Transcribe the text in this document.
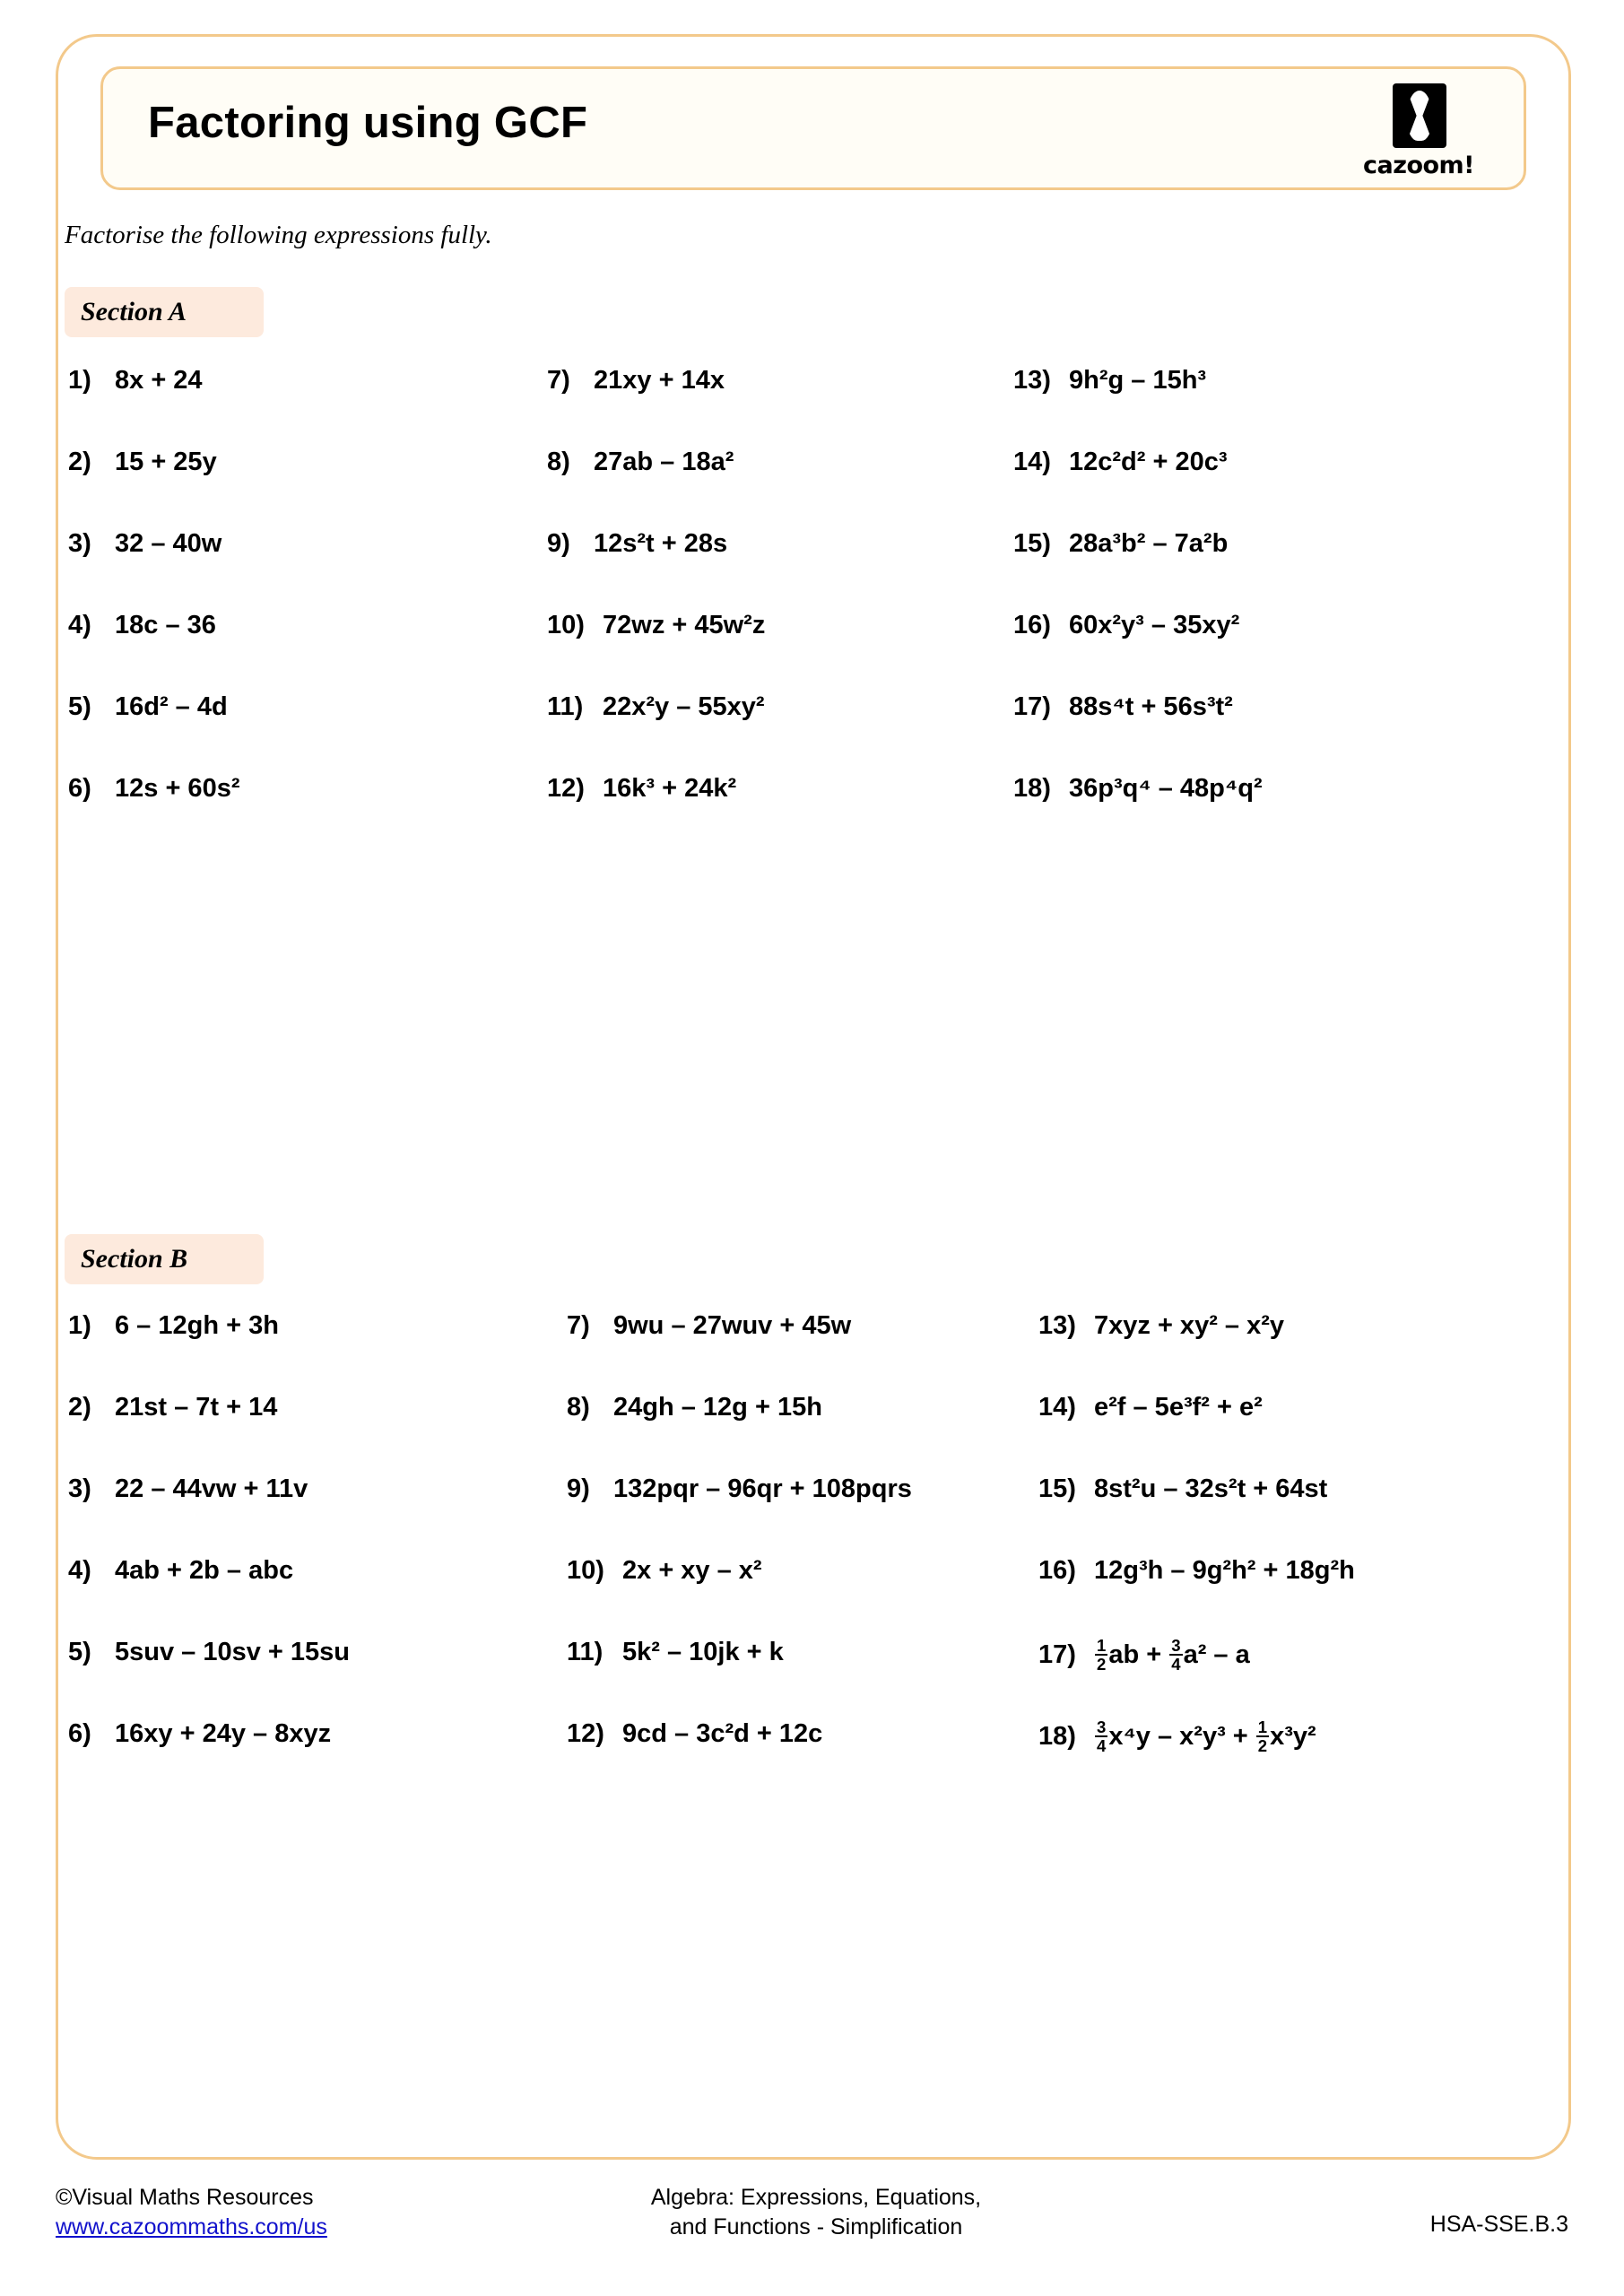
Factoring using GCF
cazoom!
Factorise the following expressions fully.
Section A
1) 8x + 24
2) 15 + 25y
3) 32 – 40w
4) 18c – 36
5) 16d² – 4d
6) 12s + 60s²
7) 21xy + 14x
8) 27ab – 18a²
9) 12s²t + 28s
10) 72wz + 45w²z
11) 22x²y – 55xy²
12) 16k³ + 24k²
13) 9h²g – 15h³
14) 12c²d² + 20c³
15) 28a³b² – 7a²b
16) 60x²y³ – 35xy²
17) 88s⁴t + 56s³t²
18) 36p³q⁴ – 48p⁴q²
Section B
1) 6 – 12gh + 3h
2) 21st – 7t + 14
3) 22 – 44vw + 11v
4) 4ab + 2b – abc
5) 5suv – 10sv + 15su
6) 16xy + 24y – 8xyz
7) 9wu – 27wuv + 45w
8) 24gh – 12g + 15h
9) 132pqr – 96qr + 108pqrs
10) 2x + xy – x²
11) 5k² – 10jk + k
12) 9cd – 3c²d + 12c
13) 7xyz + xy² – x²y
14) e²f – 5e³f² + e²
15) 8st²u – 32s²t + 64st
16) 12g³h – 9g²h² + 18g²h
$17) \frac{1}{2}$ ab + $\frac{3}{4} a^2$ – a
$18) \frac{3}{4} x^4y - x^2y^3 + \frac{1}{2} x^3y^2$
©Visual Maths Resources
www.cazoommaths.com/us
Algebra: Expressions, Equations,
and Functions - Simplification	HSA-SSE.B.3
